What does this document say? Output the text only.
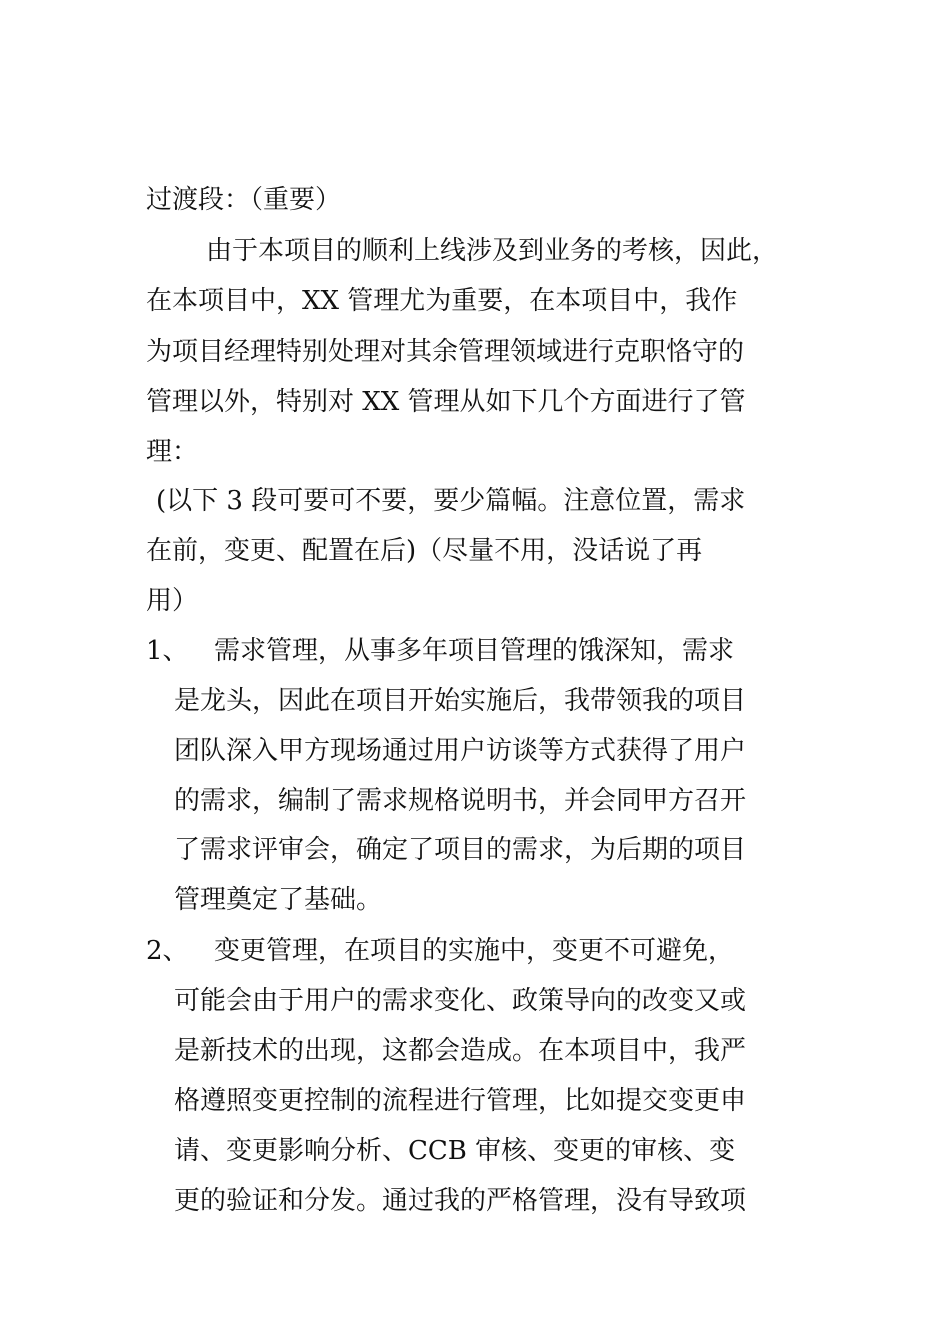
过渡段：（重要）
由于本项目的顺利上线涉及到业务的考核，因此，
在本项目中，XX 管理尤为重要，在本项目中，我作
为项目经理特别处理对其余管理领域进行克职恪守的
管理以外，特别对 XX 管理从如下几个方面进行了管
理：
(以下 3 段可要可不要，要少篇幅。注意位置，需求
在前，变更、配置在后)（尽量不用，没话说了再
用）
1、 需求管理，从事多年项目管理的饿深知，需求
是龙头，因此在项目开始实施后，我带领我的项目
团队深入甲方现场通过用户访谈等方式获得了用户
的需求，编制了需求规格说明书，并会同甲方召开
了需求评审会，确定了项目的需求，为后期的项目
管理奠定了基础。
2、 变更管理，在项目的实施中，变更不可避免，
可能会由于用户的需求变化、政策导向的改变又或
是新技术的出现，这都会造成。在本项目中，我严
格遵照变更控制的流程进行管理，比如提交变更申
请、变更影响分析、CCB 审核、变更的审核、变
更的验证和分发。通过我的严格管理，没有导致项
